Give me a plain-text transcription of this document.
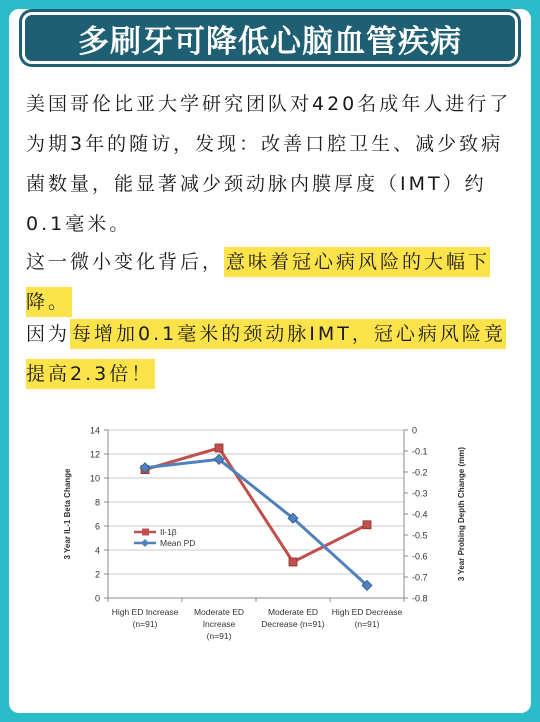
多刷牙可降低心脑血管疾病

美国哥伦比亚大学研究团队对420名成年人进行了为期3年的随访，发现：改善口腔卫生、减少致病菌数量，能显著减少颈动脉内膜厚度（IMT）约0.1毫米。

这一微小变化背后， 意味着冠心病风险的大幅下降。

因为 每增加0.1毫米的颈动脉IMT，冠心病风险竟提高2.3倍！

0
2
4
6
8
10
12
14	0
-0.1
-0.2
-0.3
-0.4
-0.5
-0.6
-0.7
-0.8
High ED Increase
(n=91)
Moderate ED
Increase
(n=91)
Moderate ED
Decrease (n=91)
High ED Decrease
(n=91)
3 Year IL-1 Beta Change	3 Year Probing Depth Change (mm)
Il-1β
Mean PD
